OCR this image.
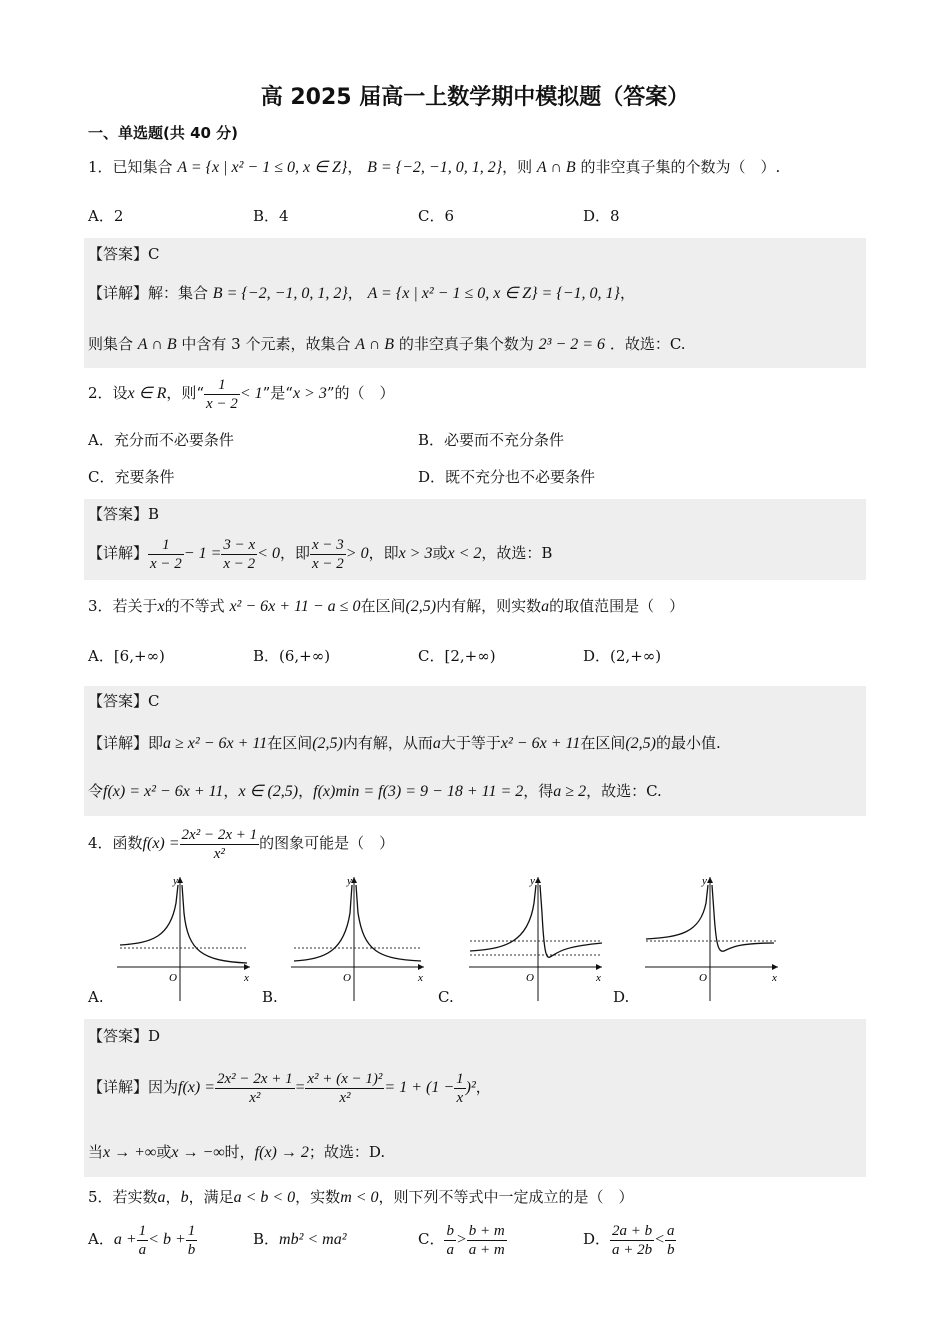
高 2025 届高一上数学期中模拟题（答案）
一、单选题(共 40 分)
1．已知集合 A = {x | x² − 1 ≤ 0, x ∈ Z}， B = {−2, −1, 0, 1, 2}，则 A ∩ B 的非空真子集的个数为（　）.
A．2	B．4	C．6	D．8
【答案】C
【详解】解：集合 B = {−2, −1, 0, 1, 2}， A = {x | x² − 1 ≤ 0, x ∈ Z} = {−1, 0, 1}，
则集合 A ∩ B 中含有 3 个元素，故集合 A ∩ B 的非空真子集个数为 2³ − 2 = 6 ．故选：C.
2．设x ∈ R，则“ $\frac{1}{x - 2} < 1$”是“x > 3”的（　）
A．充分而不必要条件	B．必要而不充分条件
C．充要条件	D．既不充分也不必要条件
【答案】B
【详解】 $\frac{1}{x - 2} - 1 = \frac{3 - x}{x - 2} < 0$，即 $\frac{x - 3}{x - 2} > 0$，即x > 3或x < 2，故选：B
3．若关于x的不等式 x² − 6x + 11 − a ≤ 0在区间(2,5)内有解，则实数a的取值范围是（　）
A．[6,+∞)	B．(6,+∞)	C．[2,+∞)	D．(2,+∞)
【答案】C
【详解】即a ≥ x² − 6x + 11在区间(2,5)内有解，从而a大于等于x² − 6x + 11在区间(2,5)的最小值.
令f(x) = x² − 6x + 11，x ∈ (2,5)，f(x)min = f(3) = 9 − 18 + 11 = 2，得a ≥ 2，故选：C.
4．函数$f(x) = \frac{\text{2x² − 2x + 1}}{\text{x²}}$ 的图象可能是（　）
y
x
O
y
x
O
y
x
O
y
x
O
A.	B.	C.	D.
【答案】D
【详解】因为$f(x) = \frac{\text{2x² − 2x + 1}}{\text{x²}} = \frac{\text{x² + (x − 1)²}}{\text{x²}} = 1 + (1 - \frac{1}{x} )^2$，
当x → +∞或x → −∞时，f(x) → 2；故选：D.
5．若实数a，b，满足a < b < 0，实数m < 0，则下列不等式中一定成立的是（　）
A．$a + \frac{1}{a} < b + \frac{1}{b}$	B．mb² < ma²	C． $\frac{b}{a} > \frac{b + m}{a + m}$	D． $\frac{2a + b}{a + 2b} < \frac{a}{b}$
